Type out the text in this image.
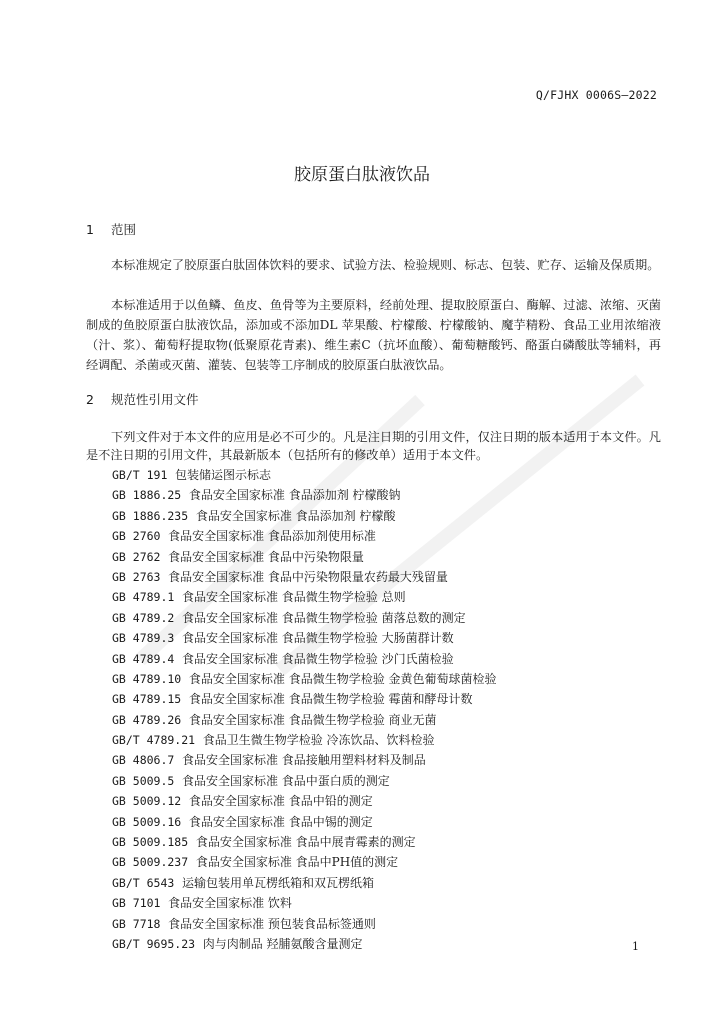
Q/FJHX 0006S—2022
胶原蛋白肽液饮品
1 范围

本标准规定了胶原蛋白肽固体饮料的要求、试验方法、检验规则、标志、包装、贮存、运输及保质期。

本标准适用于以鱼鳞、鱼皮、鱼骨等为主要原料，经前处理、提取胶原蛋白、酶解、过滤、浓缩、灭菌制成的鱼胶原蛋白肽液饮品，添加或不添加DL 苹果酸、柠檬酸、柠檬酸钠、魔芋精粉、食品工业用浓缩液（汁、浆）、葡萄籽提取物(低聚原花青素)、维生素C（抗坏血酸）、葡萄糖酸钙、酪蛋白磷酸肽等辅料，再经调配、杀菌或灭菌、灌装、包装等工序制成的胶原蛋白肽液饮品。

2 规范性引用文件

下列文件对于本文件的应用是必不可少的。凡是注日期的引用文件，仅注日期的版本适用于本文件。凡是不注日期的引用文件，其最新版本（包括所有的修改单）适用于本文件。

GB/T 191 包装储运图示标志
GB 1886.25 食品安全国家标准 食品添加剂 柠檬酸钠
GB 1886.235 食品安全国家标准 食品添加剂 柠檬酸
GB 2760 食品安全国家标准 食品添加剂使用标准
GB 2762 食品安全国家标准 食品中污染物限量
GB 2763 食品安全国家标准 食品中污染物限量农药最大残留量
GB 4789.1 食品安全国家标准 食品微生物学检验 总则
GB 4789.2 食品安全国家标准 食品微生物学检验 菌落总数的测定
GB 4789.3 食品安全国家标准 食品微生物学检验 大肠菌群计数
GB 4789.4 食品安全国家标准 食品微生物学检验 沙门氏菌检验
GB 4789.10 食品安全国家标准 食品微生物学检验 金黄色葡萄球菌检验
GB 4789.15 食品安全国家标准 食品微生物学检验 霉菌和酵母计数
GB 4789.26 食品安全国家标准 食品微生物学检验 商业无菌
GB/T 4789.21 食品卫生微生物学检验 冷冻饮品、饮料检验
GB 4806.7 食品安全国家标准 食品接触用塑料材料及制品
GB 5009.5 食品安全国家标准 食品中蛋白质的测定
GB 5009.12 食品安全国家标准 食品中铅的测定
GB 5009.16 食品安全国家标准 食品中锡的测定
GB 5009.185 食品安全国家标准 食品中展青霉素的测定
GB 5009.237 食品安全国家标准 食品中PH值的测定
GB/T 6543 运输包装用单瓦楞纸箱和双瓦楞纸箱
GB 7101 食品安全国家标准 饮料
GB 7718 食品安全国家标准 预包装食品标签通则
GB/T 9695.23 肉与肉制品 羟脯氨酸含量测定	1
